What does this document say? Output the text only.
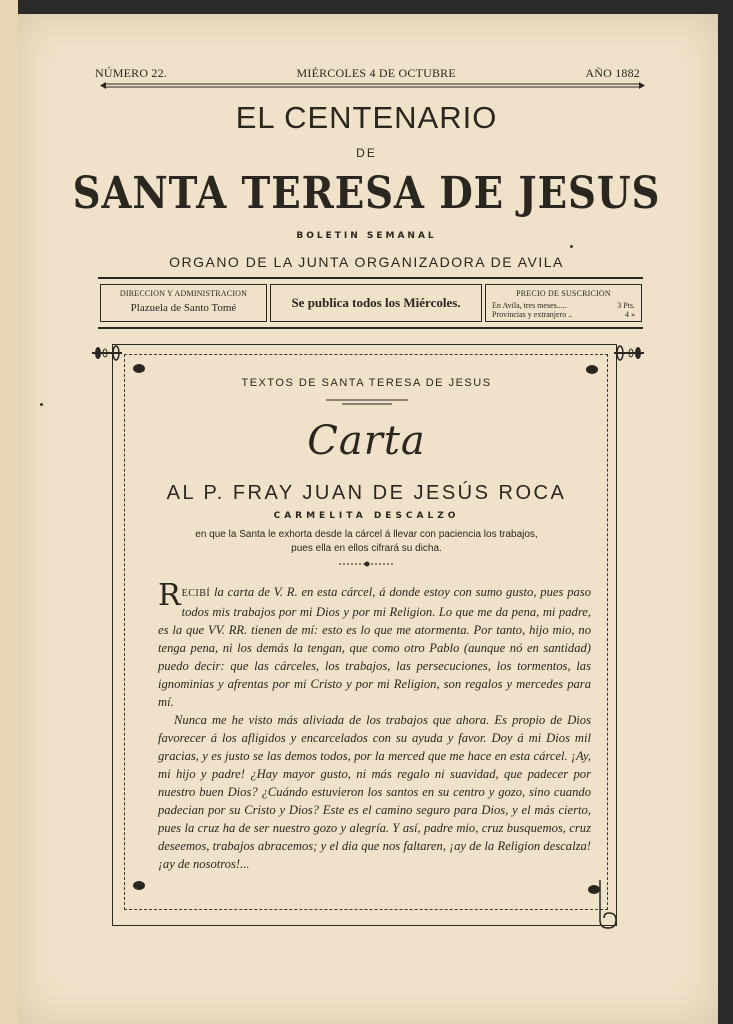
NÚMERO 22.	MIÉRCOLES 4 DE OCTUBRE	AÑO 1882
EL CENTENARIO
DE
SANTA TERESA DE JESUS
BOLETIN SEMANAL
ORGANO DE LA JUNTA ORGANIZADORA DE AVILA
DIRECCION Y ADMINISTRACION
Plazuela de Santo Tomé	Se publica todos los Miércoles.
PRECIO DE SUSCRICION
En Avila, tres meses.....	3 Pts.
Provincias y extranjero ..	4 »
TEXTOS DE SANTA TERESA DE JESUS
Carta
AL P. FRAY JUAN DE JESÚS ROCA
CARMELITA DESCALZO
en que la Santa le exhorta desde la cárcel á llevar con paciencia los trabajos,
pues ella en ellos cifrará su dicha.

RECIBÍ la carta de V. R. en esta cárcel, á donde estoy con sumo gusto, pues paso todos mis trabajos por mi Dios y por mi Religion. Lo que me da pena, mi padre, es la que VV. RR. tienen de mí: esto es lo que me atormenta. Por tanto, hijo mio, no tenga pena, ni los demás la tengan, que como otro Pablo (aunque nó en santidad) puedo decir: que las cárceles, los trabajos, las persecuciones, los tormentos, las ignominias y afrentas por mi Cristo y por mi Religion, son regalos y mercedes para mí.

Nunca me he visto más aliviada de los trabajos que ahora. Es propio de Dios favorecer á los afligidos y encarcelados con su ayuda y favor. Doy á mi Dios mil gracias, y es justo se las demos todos, por la merced que me hace en esta cárcel. ¡Ay, mi hijo y padre! ¿Hay mayor gusto, ni más regalo ni suavidad, que padecer por nuestro buen Dios? ¿Cuándo estuvieron los santos en su centro y gozo, sino cuando padecian por su Cristo y Dios? Este es el camino seguro para Dios, y el más cierto, pues la cruz ha de ser nuestro gozo y alegría. Y así, padre mio, cruz busquemos, cruz deseemos, trabajos abracemos; y el dia que nos faltaren, ¡ay de la Religion descalza! ¡ay de nosotros!...
